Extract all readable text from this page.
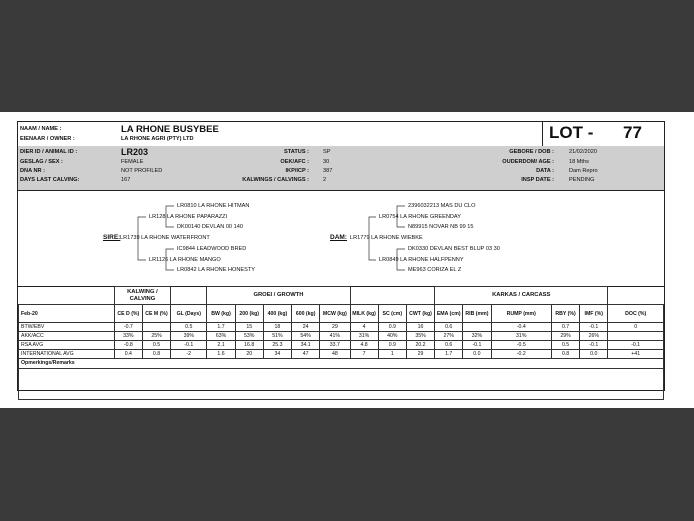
NAAM / NAME :
EIENAAR / OWNER :
LA RHONE BUSYBEE
LA RHONE AGRI (PTY) LTD	LOT - 77
DIER ID / ANIMAL ID :	LR203
GESLAG / SEX :	FEMALE
DNA NR :	NOT PROFILED
DAYS LAST CALVING:	167
STATUS :	SP
OEK/AFC :	30
IKP/ICP :	387
KALWINGS / CALVINGS :	2
GEBORE / DOB :	21/02/2020
OUDERDOM/ AGE :	18 Mths
DATA :	Dam Repro
INSP DATE :	PENDING
SIRE: LR1739 LA RHONE WATERFRONT
LR128 LA RHONE PAPARAZZI
LR0810 LA RHONE HITMAN
DK00140 DEVLAN 00 140
LR1126 LA RHONE MANGO
IC9844 LEADWOOD BRED
LR0842 LA RHONE HONESTY
DAM: LR1779 LA RHONE WIEBKE
LR0754 LA RHONE GREENDAY
2396032213 MAS DU CLO
N89915 NOVAR NB 99 15
LR0849 LA RHONE HALFPENNY
DK0330 DEVLAN BEST BLUP 03 30
ME963 CORIZA EL Z
	KALWING / CALVING			GROEI / GROWTH								KARKAS / CARCASS					
Feb-20	CE D (%)	CE M (%)	GL (Days)	BW (kg)	200 (kg)	400 (kg)	600 (kg)	MCW (kg)	MILK (kg)	SC (cm)	CWT (kg)	EMA (cm)	RIB (mm)	RUMP (mm)	RBY (%)	IMF (%)	DOC (%)
BTW/EBV	-0.7		0.5	1.7	15	18	24	29	4	0.9	16	0.6		-0.4	0.7	-0.1	0
AKK/ACC	33%	25%	39%	63%	53%	51%	54%	41%	31%	40%	35%	27%	32%	31%	29%	26%	
RSA AVG	-0.8	0.5	-0.1	2.1	16.8	25.3	34.1	33.7	4.8	0.9	20.2	0.6	-0.1	-0.5	0.5	-0.1	-0.1
INTERNATIONAL AVG	0.4	0.8	-2	1.6	20	34	47	48	7	1	29	1.7	0.0	-0.2	0.8	0.0	+41
Opmerkings/Remarks																	
